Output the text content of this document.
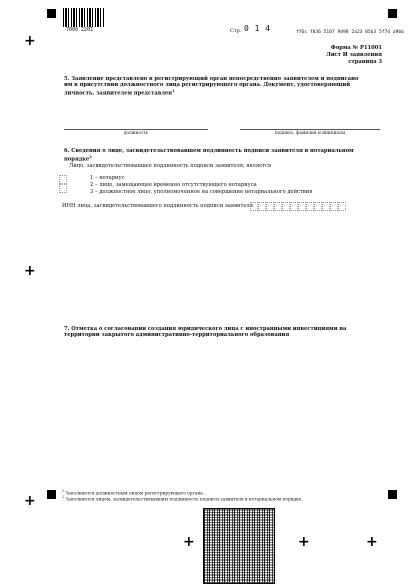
+
+
+
+	+	+
7000 2201	Стр. 0 1 4	ff6c f836 5107 9498 2a23 85b3 5f7d a9bb
Форма № Р11001
Лист И заявления
страница 3
5. Заявление представлено в регистрирующий орган непосредственно заявителем и подписано им в присутствии должностного лица регистрирующего органа. Документ, удостоверяющий личность, заявителем представлен$^1$
должность	подпись, фамилия и инициалы
6. Сведения о лице, засвидетельствовавшем подлинность подписи заявителя в нотариальном порядке$^2$
Лицо, засвидетельствовавшее подлинность подписи заявителя, является
1 – нотариус
2 – лицо, замещающее временно отсутствующего нотариуса
3 – должностное лицо, уполномоченное на совершение нотариального действия
ИНН лица, засвидетельствовавшего подлинность подписи заявителя
7. Отметка о согласовании создания юридического лица с иностранными инвестициями на территории закрытого административно-территориального образования
$^1$ Заполняется должностным лицом регистрирующего органа.
$^2$ Заполняется лицом, засвидетельствовавшим подлинность подписи заявителя в нотариальном порядке.
